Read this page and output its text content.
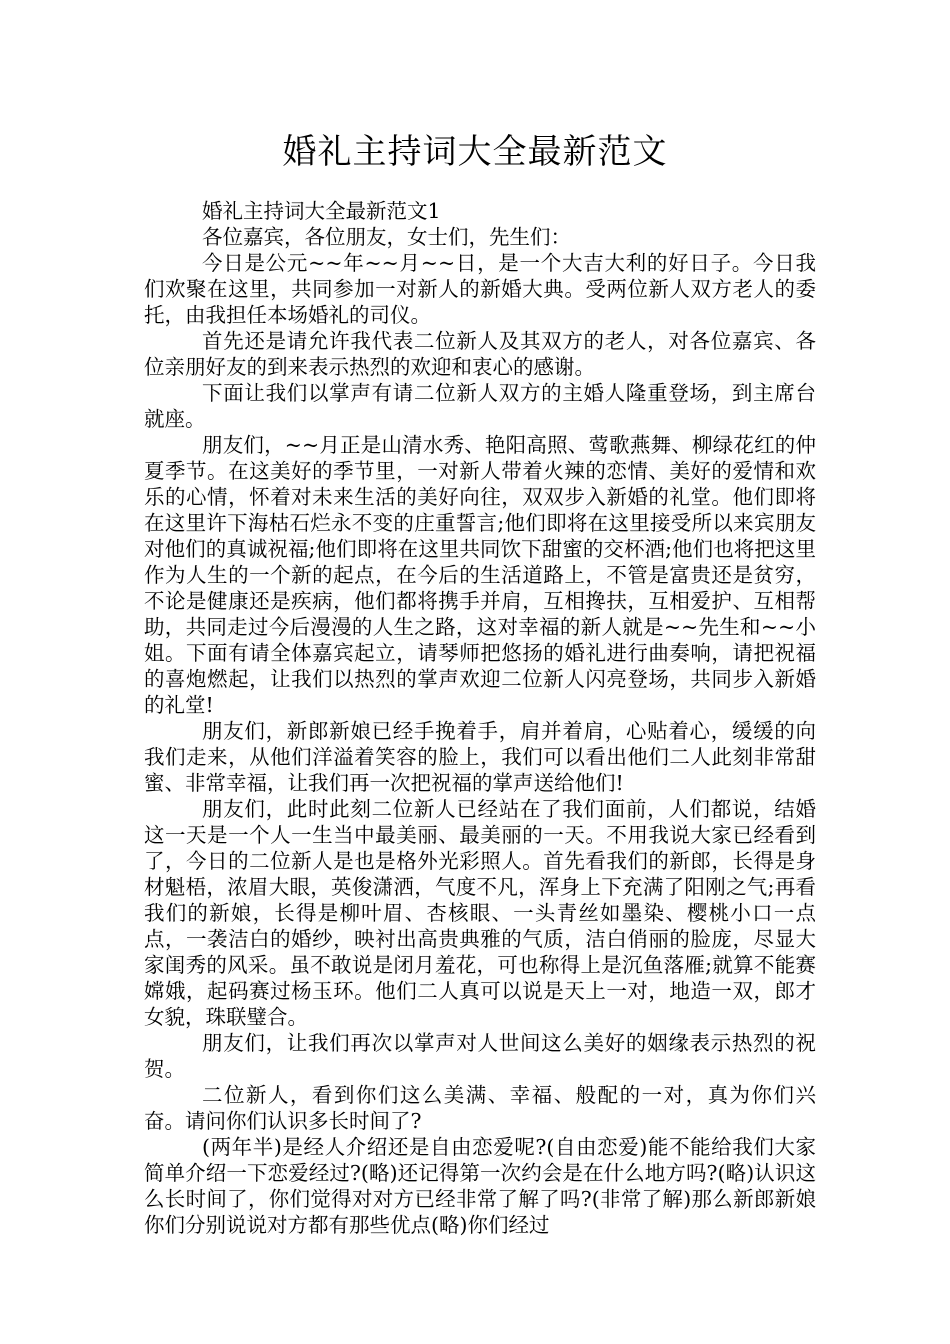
婚礼主持词大全最新范文

婚礼主持词大全最新范文1

各位嘉宾，各位朋友，女士们，先生们：

今日是公元~~年~~月~~日，是一个大吉大利的好日子。今日我们欢聚在这里，共同参加一对新人的新婚大典。受两位新人双方老人的委托，由我担任本场婚礼的司仪。

首先还是请允许我代表二位新人及其双方的老人，对各位嘉宾、各位亲朋好友的到来表示热烈的欢迎和衷心的感谢。

下面让我们以掌声有请二位新人双方的主婚人隆重登场，到主席台就座。

朋友们，~~月正是山清水秀、艳阳高照、莺歌燕舞、柳绿花红的仲夏季节。在这美好的季节里，一对新人带着火辣的恋情、美好的爱情和欢乐的心情，怀着对未来生活的美好向往，双双步入新婚的礼堂。他们即将在这里许下海枯石烂永不变的庄重誓言;他们即将在这里接受所以来宾朋友对他们的真诚祝福;他们即将在这里共同饮下甜蜜的交杯酒;他们也将把这里作为人生的一个新的起点，在今后的生活道路上，不管是富贵还是贫穷，不论是健康还是疾病，他们都将携手并肩，互相搀扶，互相爱护、互相帮助，共同走过今后漫漫的人生之路，这对幸福的新人就是~~先生和~~小姐。下面有请全体嘉宾起立，请琴师把悠扬的婚礼进行曲奏响，请把祝福的喜炮燃起，让我们以热烈的掌声欢迎二位新人闪亮登场，共同步入新婚的礼堂!

朋友们，新郎新娘已经手挽着手，肩并着肩，心贴着心，缓缓的向我们走来，从他们洋溢着笑容的脸上，我们可以看出他们二人此刻非常甜蜜、非常幸福，让我们再一次把祝福的掌声送给他们!

朋友们，此时此刻二位新人已经站在了我们面前，人们都说，结婚这一天是一个人一生当中最美丽、最美丽的一天。不用我说大家已经看到了，今日的二位新人是也是格外光彩照人。首先看我们的新郎，长得是身材魁梧，浓眉大眼，英俊潇洒，气度不凡，浑身上下充满了阳刚之气;再看我们的新娘，长得是柳叶眉、杏核眼、一头青丝如墨染、樱桃小口一点点，一袭洁白的婚纱，映衬出高贵典雅的气质，洁白俏丽的脸庞，尽显大家闺秀的风采。虽不敢说是闭月羞花，可也称得上是沉鱼落雁;就算不能赛嫦娥，起码赛过杨玉环。他们二人真可以说是天上一对，地造一双，郎才女貌，珠联璧合。

朋友们，让我们再次以掌声对人世间这么美好的姻缘表示热烈的祝贺。

二位新人，看到你们这么美满、幸福、般配的一对，真为你们兴奋。请问你们认识多长时间了?

(两年半)是经人介绍还是自由恋爱呢?(自由恋爱)能不能给我们大家简单介绍一下恋爱经过?(略)还记得第一次约会是在什么地方吗?(略)认识这么长时间了，你们觉得对对方已经非常了解了吗?(非常了解)那么新郎新娘你们分别说说对方都有那些优点(略)你们经过
